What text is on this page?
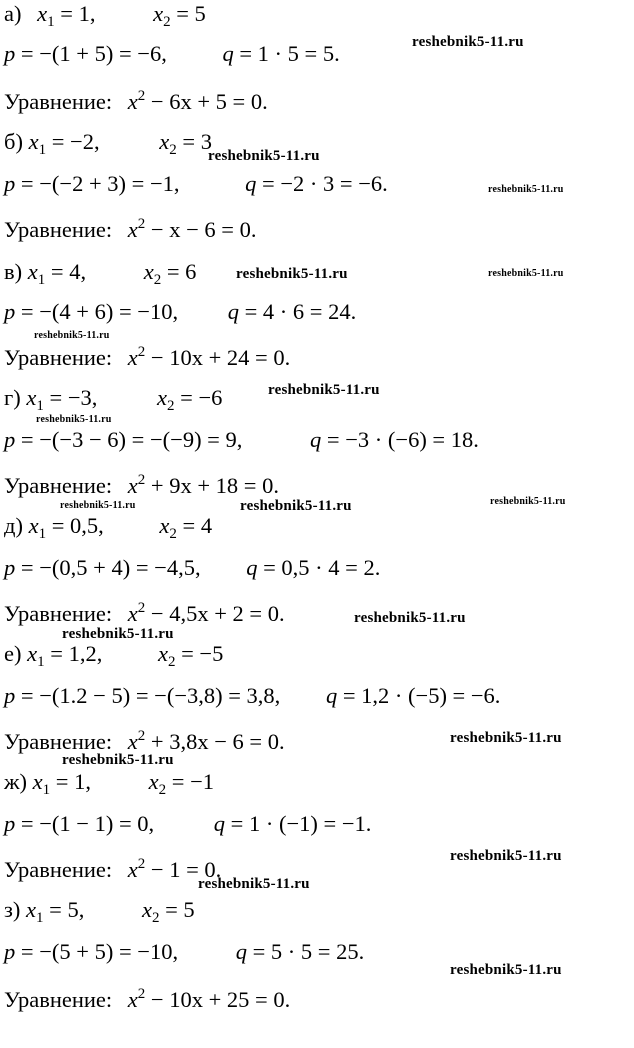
а) $x_1 = 1$,	$x_2 = 5$
p = −(1 + 5) = −6, q = 1 · 5 = 5.
Уравнение: $x^2 - 6x + 5 = 0$.
б) $x_1 = -2$,	$x_2 = 3$
p = −(−2 + 3) = −1,	q = −2 · 3 = −6.
Уравнение: $x^2 - x - 6 = 0$.
в) $x_1 = 4$,	$x_2 = 6$
p = −(4 + 6) = −10, q = 4 · 6 = 24.
Уравнение: $x^2 - 10x + 24 = 0$.
г) $x_1 = -3$,	$x_2 = -6$
p = −(−3 − 6) = −(−9) = 9,	q = −3 · (−6) = 18.
Уравнение: $x^2 + 9x + 18 = 0$.
д) $x_1 = 0,5$, $x_2 = 4$
p = −(0,5 + 4) = −4,5, q = 0,5 · 4 = 2.
Уравнение: $x^2 - 4,5x + 2 = 0$.
е) $x_1 = 1,2$, $x_2 = -5$
p = −(1.2 − 5) = −(−3,8) = 3,8, q = 1,2 · (−5) = −6.
Уравнение: $x^2 + 3,8x - 6 = 0$.
ж) $x_1 = 1$,	$x_2 = -1$
p = −(1 − 1) = 0,	q = 1 · (−1) = −1.
Уравнение: $x^2 - 1 = 0$.
з) $x_1 = 5$,	$x_2 = 5$
p = −(5 + 5) = −10,	q = 5 · 5 = 25.
Уравнение: $x^2 - 10x + 25 = 0$.
reshebnik5-11.ru
reshebnik5-11.ru
reshebnik5-11.ru
reshebnik5-11.ru	reshebnik5-11.ru
reshebnik5-11.ru
reshebnik5-11.ru
reshebnik5-11.ru
reshebnik5-11.ru	reshebnik5-11.ru	reshebnik5-11.ru
reshebnik5-11.ru
reshebnik5-11.ru
reshebnik5-11.ru
reshebnik5-11.ru
reshebnik5-11.ru
reshebnik5-11.ru
reshebnik5-11.ru
